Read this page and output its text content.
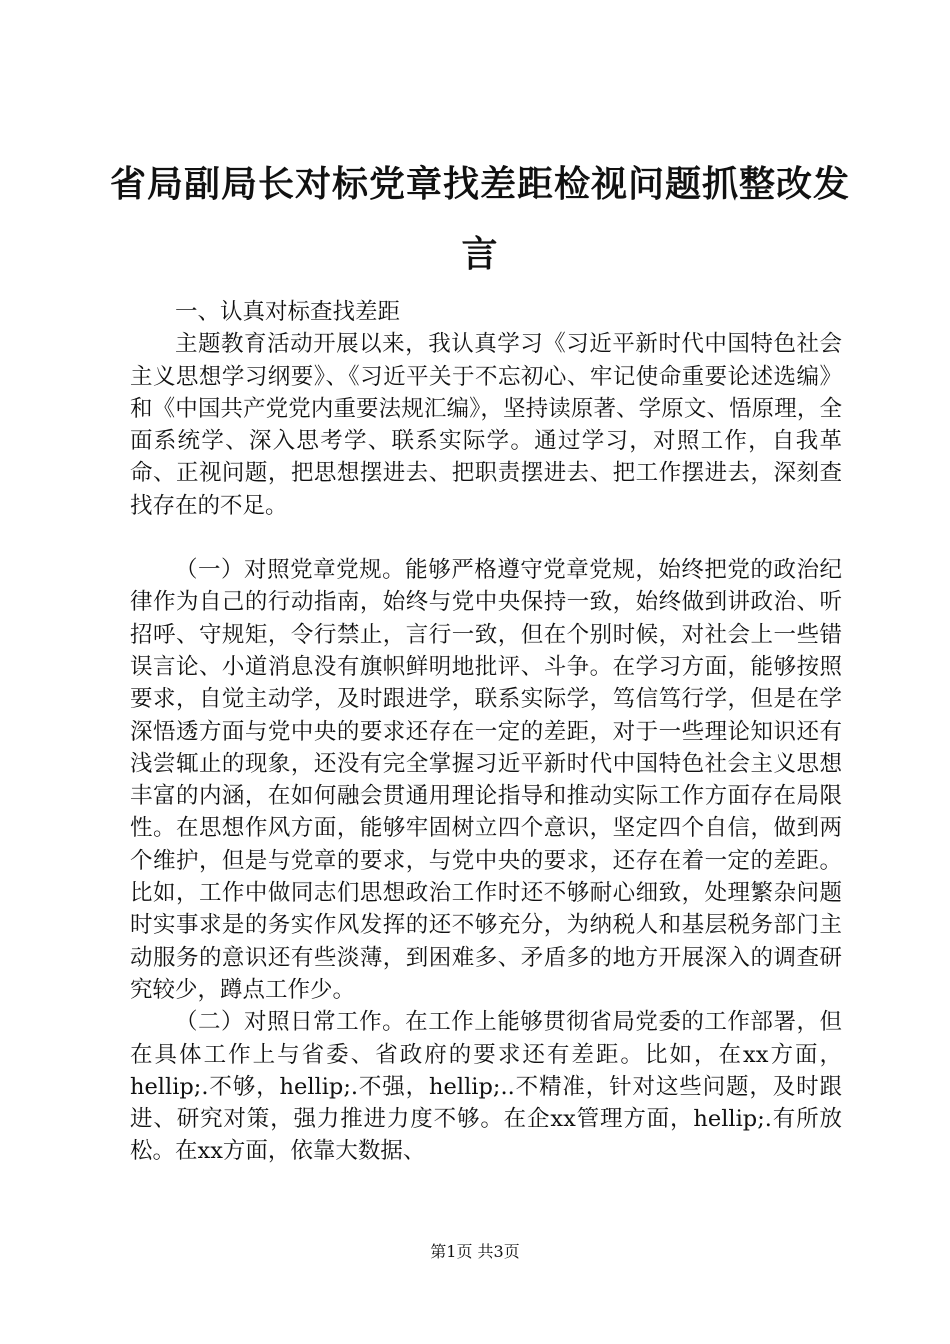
省局副局长对标党章找差距检视问题抓整改发言

一、认真对标查找差距

主题教育活动开展以来，我认真学习《习近平新时代中国特色社会主义思想学习纲要》、《习近平关于不忘初心、牢记使命重要论述选编》和《中国共产党党内重要法规汇编》，坚持读原著、学原文、悟原理，全面系统学、深入思考学、联系实际学。通过学习，对照工作，自我革命、正视问题，把思想摆进去、把职责摆进去、把工作摆进去，深刻查找存在的不足。

（一）对照党章党规。能够严格遵守党章党规，始终把党的政治纪律作为自己的行动指南，始终与党中央保持一致，始终做到讲政治、听招呼、守规矩，令行禁止，言行一致，但在个别时候，对社会上一些错误言论、小道消息没有旗帜鲜明地批评、斗争。在学习方面，能够按照要求，自觉主动学，及时跟进学，联系实际学，笃信笃行学，但是在学深悟透方面与党中央的要求还存在一定的差距，对于一些理论知识还有浅尝辄止的现象，还没有完全掌握习近平新时代中国特色社会主义思想丰富的内涵，在如何融会贯通用理论指导和推动实际工作方面存在局限性。在思想作风方面，能够牢固树立四个意识，坚定四个自信，做到两个维护，但是与党章的要求，与党中央的要求，还存在着一定的差距。比如，工作中做同志们思想政治工作时还不够耐心细致，处理繁杂问题时实事求是的务实作风发挥的还不够充分，为纳税人和基层税务部门主动服务的意识还有些淡薄，到困难多、矛盾多的地方开展深入的调查研究较少，蹲点工作少。

（二）对照日常工作。在工作上能够贯彻省局党委的工作部署，但在具体工作上与省委、省政府的要求还有差距。比如，在xx方面，hellip;.不够，hellip;.不强，hellip;..不精准，针对这些问题，及时跟进、研究对策，强力推进力度不够。在企xx管理方面，hellip;.有所放松。在xx方面，依靠大数据、

第1页 共3页
